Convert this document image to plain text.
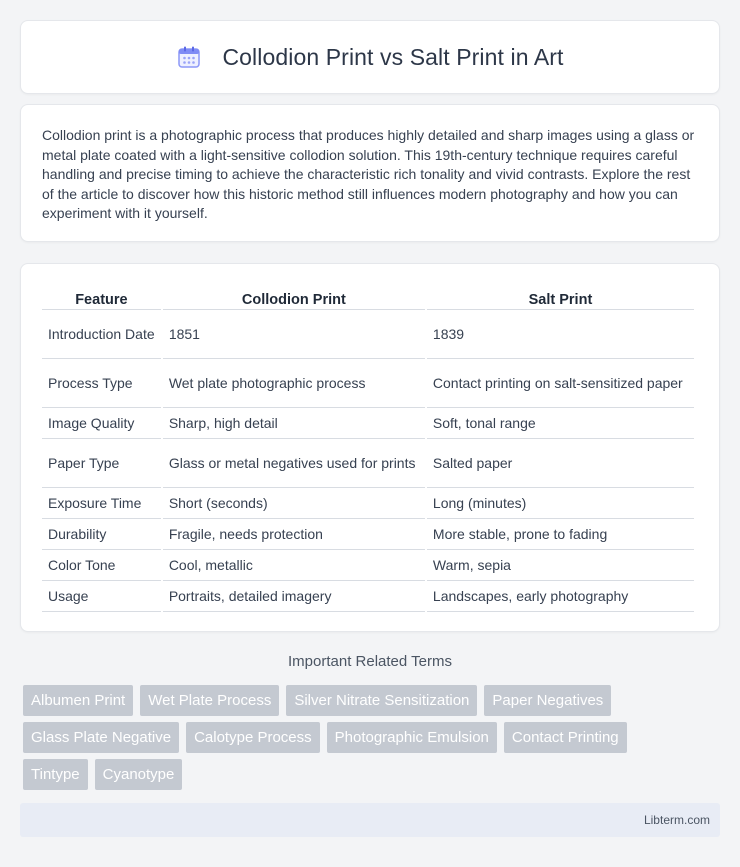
Collodion Print vs Salt Print in Art

Collodion print is a photographic process that produces highly detailed and sharp images using a glass or metal plate coated with a light-sensitive collodion solution. This 19th-century technique requires careful handling and precise timing to achieve the characteristic rich tonality and vivid contrasts. Explore the rest of the article to discover how this historic method still influences modern photography and how you can experiment with it yourself.

Feature	Collodion Print	Salt Print
Introduction Date	1851	1839
Process Type	Wet plate photographic process	Contact printing on salt-sensitized paper
Image Quality	Sharp, high detail	Soft, tonal range
Paper Type	Glass or metal negatives used for prints	Salted paper
Exposure Time	Short (seconds)	Long (minutes)
Durability	Fragile, needs protection	More stable, prone to fading
Color Tone	Cool, metallic	Warm, sepia
Usage	Portraits, detailed imagery	Landscapes, early photography
Important Related Terms
Albumen Print	Wet Plate Process	Silver Nitrate Sensitization	Paper Negatives
Glass Plate Negative	Calotype Process	Photographic Emulsion	Contact Printing
Tintype	Cyanotype
Libterm.com
